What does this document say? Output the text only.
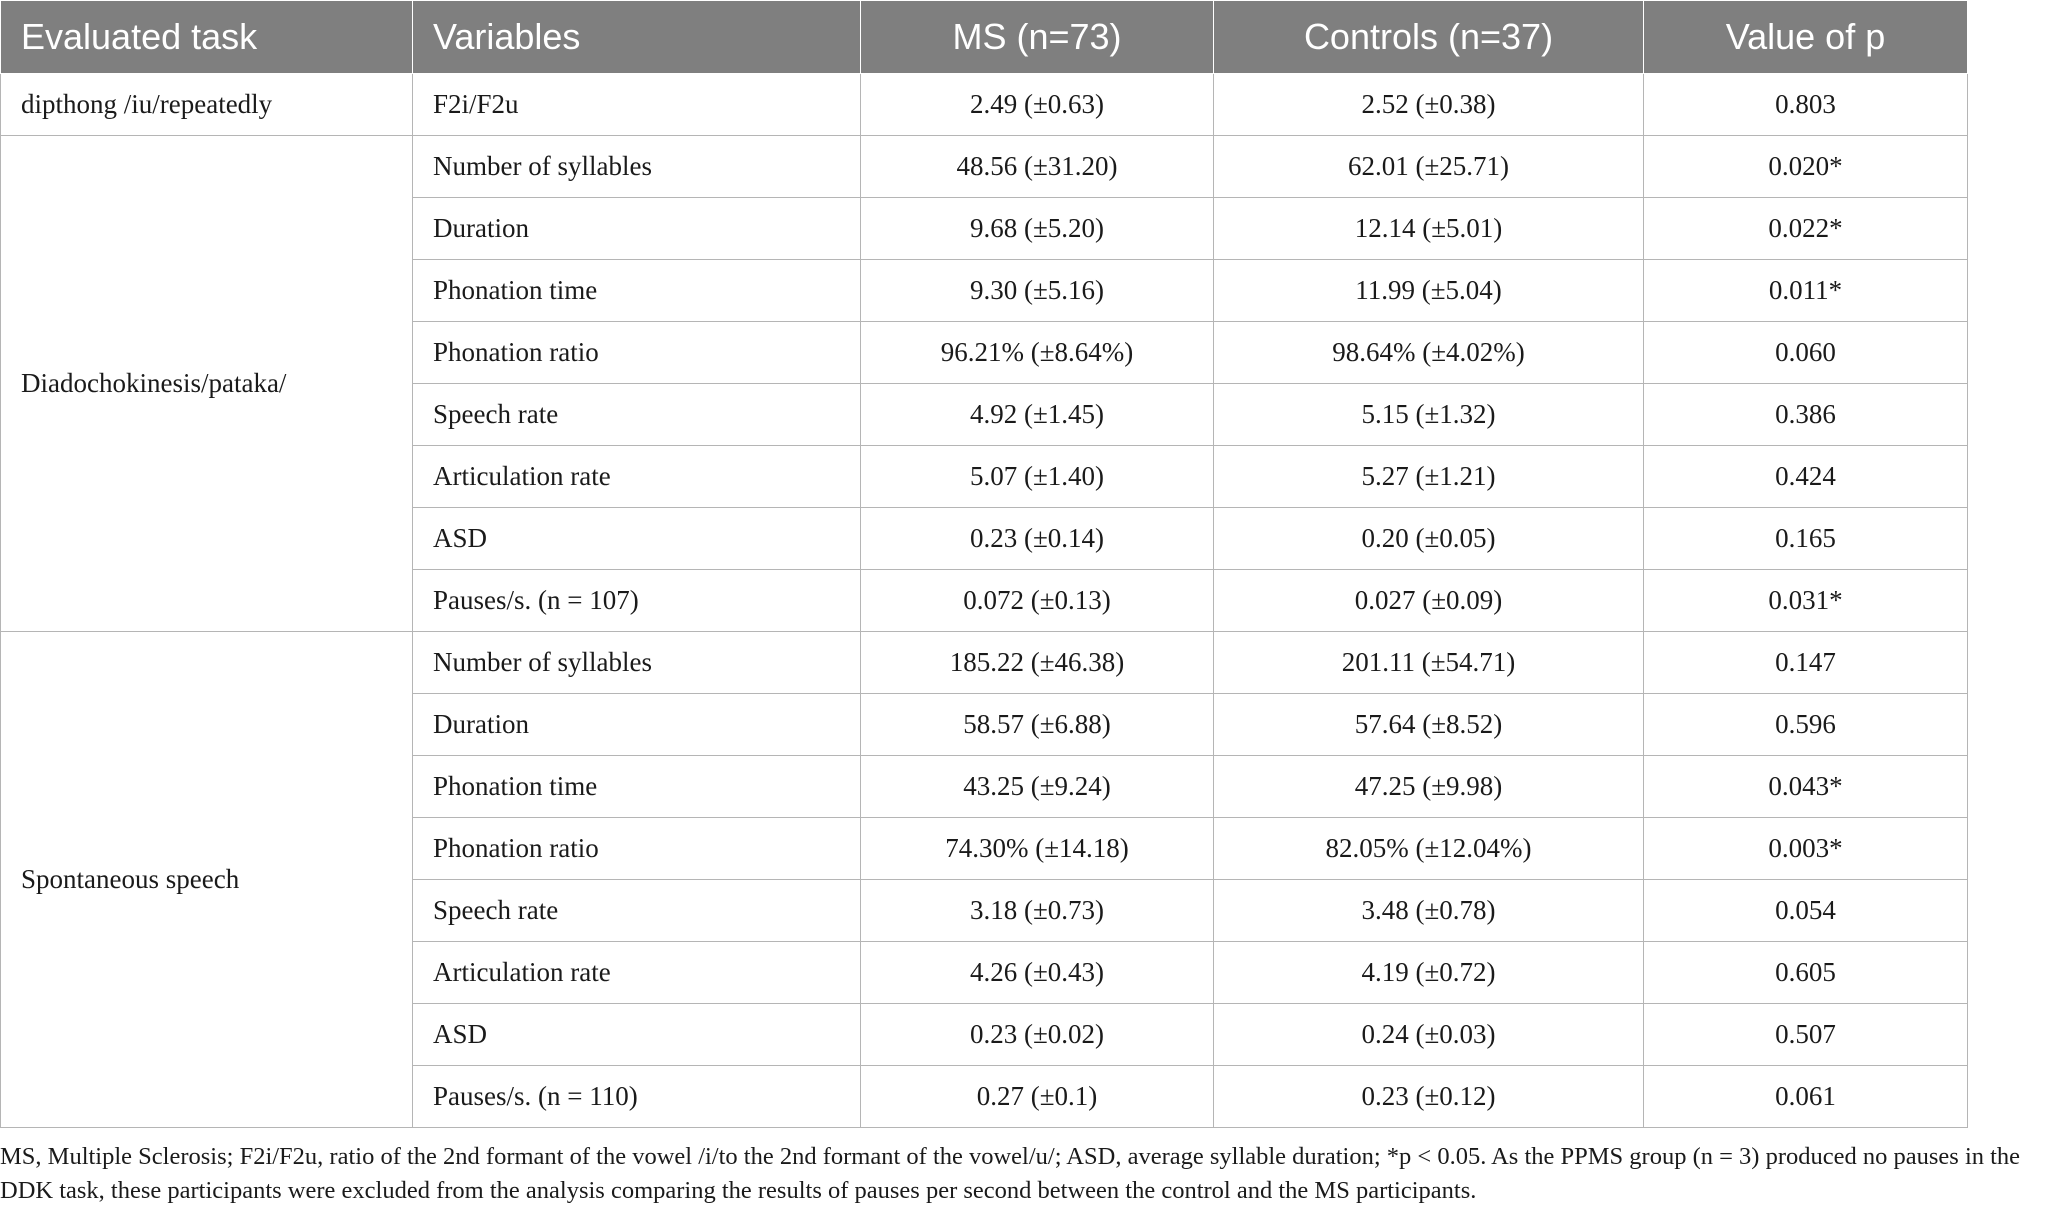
Evaluated task	Variables	MS (n=73)	Controls (n=37)	Value of p
dipthong /iu/repeatedly	F2i/F2u	2.49 (±0.63)	2.52 (±0.38)	0.803
Diadochokinesis/pataka/	Number of syllables	48.56 (±31.20)	62.01 (±25.71)	0.020*
	Duration	9.68 (±5.20)	12.14 (±5.01)	0.022*
	Phonation time	9.30 (±5.16)	11.99 (±5.04)	0.011*
	Phonation ratio	96.21% (±8.64%)	98.64% (±4.02%)	0.060
	Speech rate	4.92 (±1.45)	5.15 (±1.32)	0.386
	Articulation rate	5.07 (±1.40)	5.27 (±1.21)	0.424
	ASD	0.23 (±0.14)	0.20 (±0.05)	0.165
	Pauses/s. (n = 107)	0.072 (±0.13)	0.027 (±0.09)	0.031*
Spontaneous speech	Number of syllables	185.22 (±46.38)	201.11 (±54.71)	0.147
	Duration	58.57 (±6.88)	57.64 (±8.52)	0.596
	Phonation time	43.25 (±9.24)	47.25 (±9.98)	0.043*
	Phonation ratio	74.30% (±14.18)	82.05% (±12.04%)	0.003*
	Speech rate	3.18 (±0.73)	3.48 (±0.78)	0.054
	Articulation rate	4.26 (±0.43)	4.19 (±0.72)	0.605
	ASD	0.23 (±0.02)	0.24 (±0.03)	0.507
	Pauses/s. (n = 110)	0.27 (±0.1)	0.23 (±0.12)	0.061
MS, Multiple Sclerosis; F2i/F2u, ratio of the 2nd formant of the vowel /i/to the 2nd formant of the vowel/u/; ASD, average syllable duration; *p < 0.05. As the PPMS group (n = 3) produced no pauses in the DDK task, these participants were excluded from the analysis comparing the results of pauses per second between the control and the MS participants.
